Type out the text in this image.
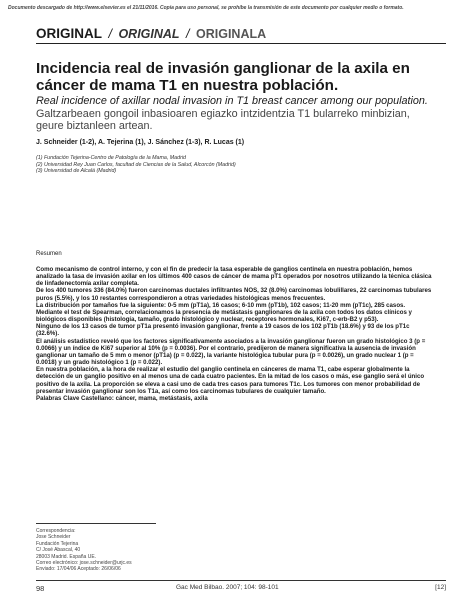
Documento descargado de http://www.elsevier.es el 21/11/2016. Copia para uso personal, se prohíbe la transmisión de este documento por cualquier medio o formato.
ORIGINAL / ORIGINAL / ORIGINALA
Incidencia real de invasión ganglionar de la axila en cáncer de mama T1 en nuestra población.

Real incidence of axillar nodal invasion in T1 breast cancer among our population.

Galtzarbeaen gongoil inbasioaren egiazko intzidentzia T1 bularreko minbizian, geure biztanleen artean.

J. Schneider (1-2), A. Tejerina (1), J. Sánchez (1-3), R. Lucas (1)

(1) Fundación Tejerina-Centro de Patología de la Mama, Madrid
(2) Universidad Rey Juan Carlos, facultad de Ciencias de la Salud, Alcorcón (Madrid)
(3) Universidad de Alcalá (Madrid)

Resumen

Como mecanismo de control interno, y con el fin de predecir la tasa esperable de ganglios centinela en nuestra población, hemos analizado la tasa de invasión axilar en los últimos 400 casos de cáncer de mama pT1 operados por nosotros utilizando la técnica clásica de linfadenectomía axilar completa.

De los 400 tumores 336 (84.0%) fueron carcinomas ductales infiltrantes NOS, 32 (8.0%) carcinomas lobulillares, 22 carcinomas tubulares puros (5.5%), y los 10 restantes correspondieron a otras variedades histológicas menos frecuentes.

La distribución por tamaños fue la siguiente: 0-5 mm (pT1a), 16 casos; 6-10 mm (pT1b), 102 casos; 11-20 mm (pT1c), 285 casos.

Mediante el test de Spearman, correlacionamos la presencia de metástasis ganglionares de la axila con todos los datos clínicos y biológicos disponibles (histología, tamaño, grado histológico y nuclear, receptores hormonales, Ki67, c-erb-B2 y p53).

Ninguno de los 13 casos de tumor pT1a presentó invasión ganglionar, frente a 19 casos de los 102 pT1b (18.6%) y 93 de los pT1c (32.6%).

El análisis estadístico reveló que los factores significativamente asociados a la invasión ganglionar fueron un grado histológico 3 (p = 0.0066) y un índice de Ki67 superior al 10% (p = 0.0036). Por el contrario, predijeron de manera significativa la ausencia de invasión ganglionar un tamaño de 5 mm o menor (pT1a) (p = 0.022), la variante histológica tubular pura (p = 0.0026), un grado nuclear 1 (p = 0.0018) y un grado histológico 1 (p = 0.022).

En nuestra población, a la hora de realizar el estudio del ganglio centinela en cánceres de mama T1, cabe esperar globalmente la detección de un ganglio positivo en al menos una de cada cuatro pacientes. En la mitad de los casos o más, ese ganglio será el único positivo de la axila. La proporción se eleva a casi uno de cada tres casos para tumores T1c. Los tumores con menor probabilidad de presentar invasión ganglionar son los T1a, así como los carcinomas tubulares de cualquier tamaño.

Palabras Clave Castellano: cáncer, mama, metástasis, axila

Correspondencia:
Jose Schneider
Fundación Tejerina
C/ José Abascal, 40
28003 Madrid. España UE.
Correo electrónico: jose.schneider@urjc.es
Enviado: 17/04/06 Aceptado: 26/06/06
98	Gac Med Bilbao. 2007; 104: 98-101	[12]
